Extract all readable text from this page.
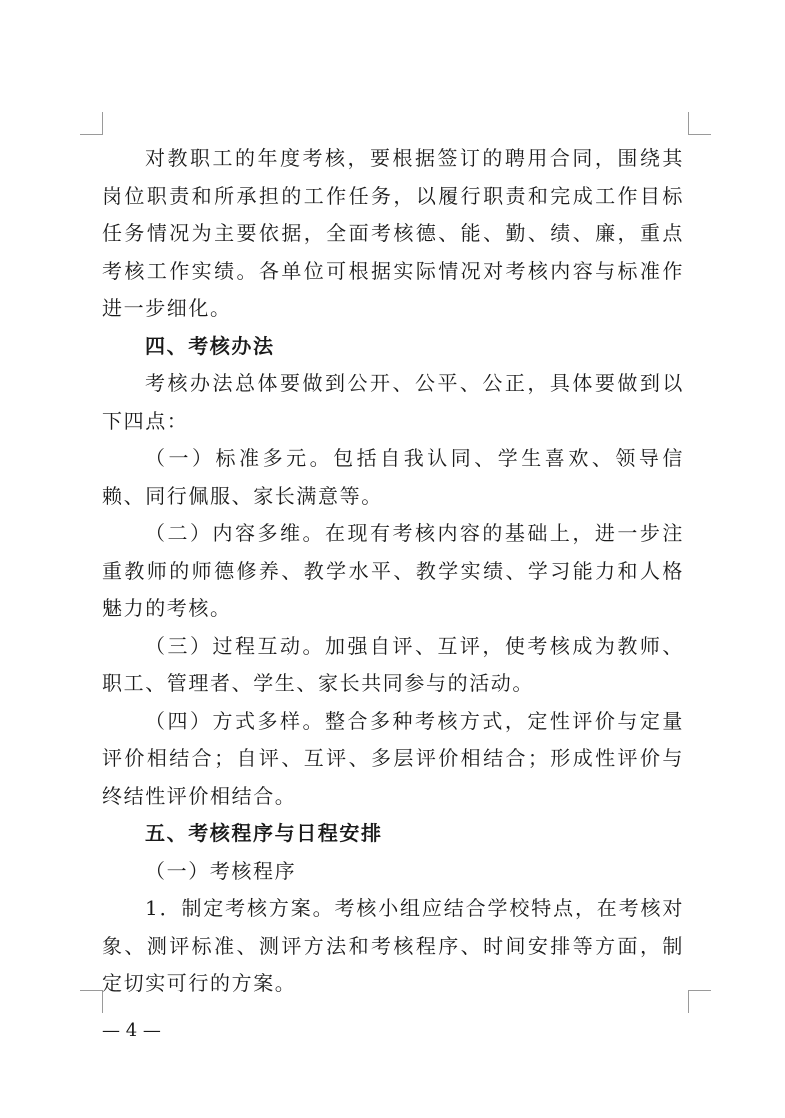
对教职工的年度考核，要根据签订的聘用合同，围绕其岗位职责和所承担的工作任务，以履行职责和完成工作目标任务情况为主要依据，全面考核德、能、勤、绩、廉，重点考核工作实绩。各单位可根据实际情况对考核内容与标准作进一步细化。

四、考核办法

考核办法总体要做到公开、公平、公正，具体要做到以下四点：

（一）标准多元。包括自我认同、学生喜欢、领导信赖、同行佩服、家长满意等。

（二）内容多维。在现有考核内容的基础上，进一步注重教师的师德修养、教学水平、教学实绩、学习能力和人格魅力的考核。

（三）过程互动。加强自评、互评，使考核成为教师、职工、管理者、学生、家长共同参与的活动。

（四）方式多样。整合多种考核方式，定性评价与定量评价相结合；自评、互评、多层评价相结合；形成性评价与终结性评价相结合。

五、考核程序与日程安排

（一）考核程序

1．制定考核方案。考核小组应结合学校特点，在考核对象、测评标准、测评方法和考核程序、时间安排等方面，制定切实可行的方案。

— 4 —
